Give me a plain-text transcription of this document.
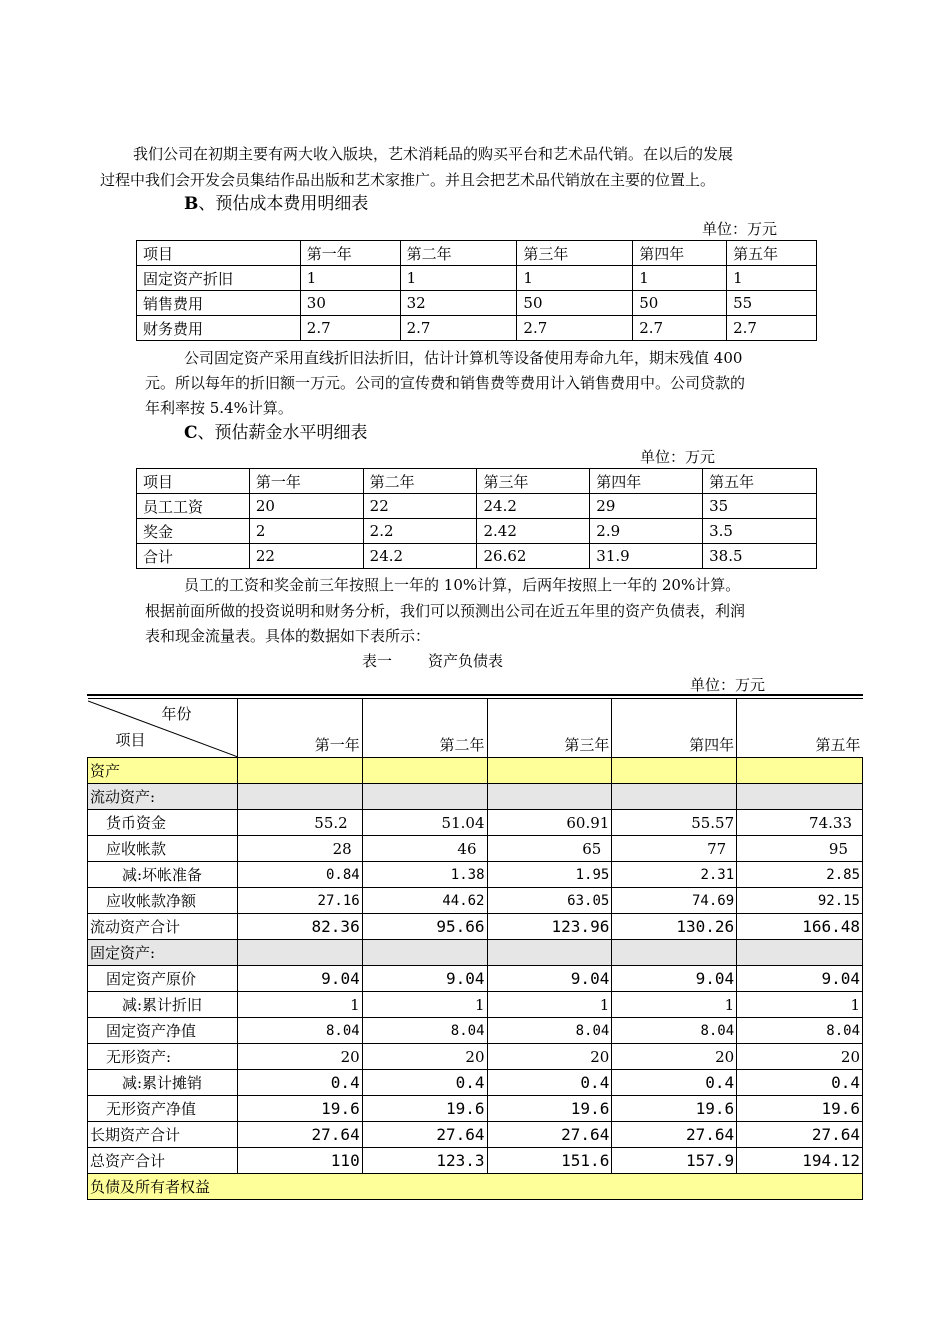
我们公司在初期主要有两大收入版块，艺术消耗品的购买平台和艺术品代销。在以后的发展
过程中我们会开发会员集结作品出版和艺术家推广。并且会把艺术品代销放在主要的位置上。
B、预估成本费用明细表
单位：万元
项目	第一年	第二年	第三年	第四年	第五年
固定资产折旧	1	1	1	1	1
销售费用	30	32	50	50	55
财务费用	2.7	2.7	2.7	2.7	2.7
公司固定资产采用直线折旧法折旧，估计计算机等设备使用寿命九年，期末残值 400
元。所以每年的折旧额一万元。公司的宣传费和销售费等费用计入销售费用中。公司贷款的
年利率按 5.4%计算。
C、预估薪金水平明细表
单位：万元
项目	第一年	第二年	第三年	第四年	第五年
员工工资	20	22	24.2	29	35
奖金	2	2.2	2.42	2.9	3.5
合计	22	24.2	26.62	31.9	38.5
员工的工资和奖金前三年按照上一年的 10%计算，后两年按照上一年的 20%计算。
根据前面所做的投资说明和财务分析，我们可以预测出公司在近五年里的资产负债表，利润
表和现金流量表。具体的数据如下表所示：
表一 资产负债表
单位：万元
年份
项目	第一年	第二年	第三年	第四年	第五年
资产					
流动资产:					
货币资金	55.2	51.04	60.91	55.57	74.33
应收帐款	28	46	65	77	95
减:坏帐准备	0.84	1.38	1.95	2.31	2.85
应收帐款净额	27.16	44.62	63.05	74.69	92.15
流动资产合计	82.36	95.66	123.96	130.26	166.48
固定资产:					
固定资产原价	9.04	9.04	9.04	9.04	9.04
减:累计折旧	1	1	1	1	1
固定资产净值	8.04	8.04	8.04	8.04	8.04
无形资产:	20	20	20	20	20
减:累计摊销	0.4	0.4	0.4	0.4	0.4
无形资产净值	19.6	19.6	19.6	19.6	19.6
长期资产合计	27.64	27.64	27.64	27.64	27.64
总资产合计	110	123.3	151.6	157.9	194.12
负债及所有者权益					
